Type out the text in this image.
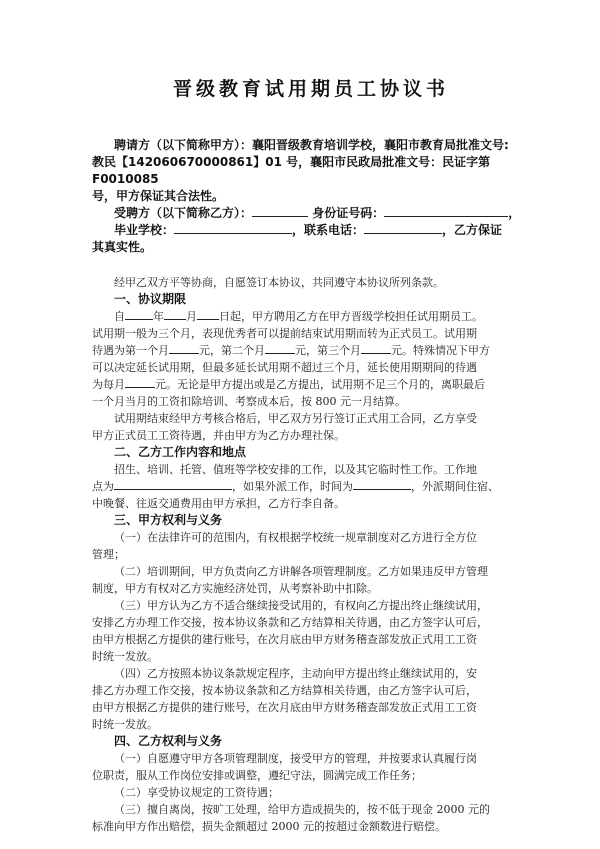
晋级教育试用期员工协议书

聘请方（以下简称甲方）：襄阳晋级教育培训学校，襄阳市教育局批准文号:

教民【142060670000861】01 号，襄阳市民政局批准文号：民证字第 F0010085

号，甲方保证其合法性。

受聘方（以下简称乙方）：	身份证号码：	，

毕业学校：	，联系电话：	，乙方保证

其真实性。

经甲乙双方平等协商，自愿签订本协议，共同遵守本协议所列条款。

一、协议期限

自	年 月 日起，甲方聘用乙方在甲方晋级学校担任试用期员工。

试用期一般为三个月，表现优秀者可以提前结束试用期而转为正式员工。试用期

待遇为第一个月	元，第二个月	元，第三个月	元。特殊情况下甲方

可以决定延长试用期，但最多延长试用期不超过三个月，延长使用期期间的待遇

为每月	元。无论是甲方提出或是乙方提出，试用期不足三个月的，离职最后

一个月当月的工资扣除培训、考察成本后，按 800 元一月结算。

试用期结束经甲方考核合格后，甲乙双方另行签订正式用工合同，乙方享受

甲方正式员工工资待遇，并由甲方为乙方办理社保。

二、乙方工作内容和地点

招生、培训、托管、值班等学校安排的工作，以及其它临时性工作。工作地

点为	，如果外派工作，时间为	，外派期间住宿、

中晚餐、往返交通费用由甲方承担，乙方行李自备。

三、甲方权利与义务

（一）在法律许可的范围内，有权根据学校统一规章制度对乙方进行全方位

管理；

（二）培训期间，甲方负责向乙方讲解各项管理制度。乙方如果违反甲方管理

制度，甲方有权对乙方实施经济处罚，从考察补助中扣除。

（三）甲方认为乙方不适合继续接受试用的，有权向乙方提出终止继续试用，

安排乙方办理工作交接，按本协议条款和乙方结算相关待遇，由乙方签字认可后，

由甲方根据乙方提供的建行账号，在次月底由甲方财务稽查部发放正式用工工资

时统一发放。

（四）乙方按照本协议条款规定程序，主动向甲方提出终止继续试用的，安

排乙方办理工作交接，按本协议条款和乙方结算相关待遇，由乙方签字认可后，

由甲方根据乙方提供的建行账号，在次月底由甲方财务稽查部发放正式用工工资

时统一发放。

四、乙方权利与义务

（一）自愿遵守甲方各项管理制度，接受甲方的管理，并按要求认真履行岗

位职责，服从工作岗位安排或调整，遵纪守法，圆满完成工作任务；

（二）享受协议规定的工资待遇；

（三）擅自离岗，按旷工处理，给甲方造成损失的，按不低于现金 2000 元的

标准向甲方作出赔偿，损失金额超过 2000 元的按超过金额数进行赔偿。
